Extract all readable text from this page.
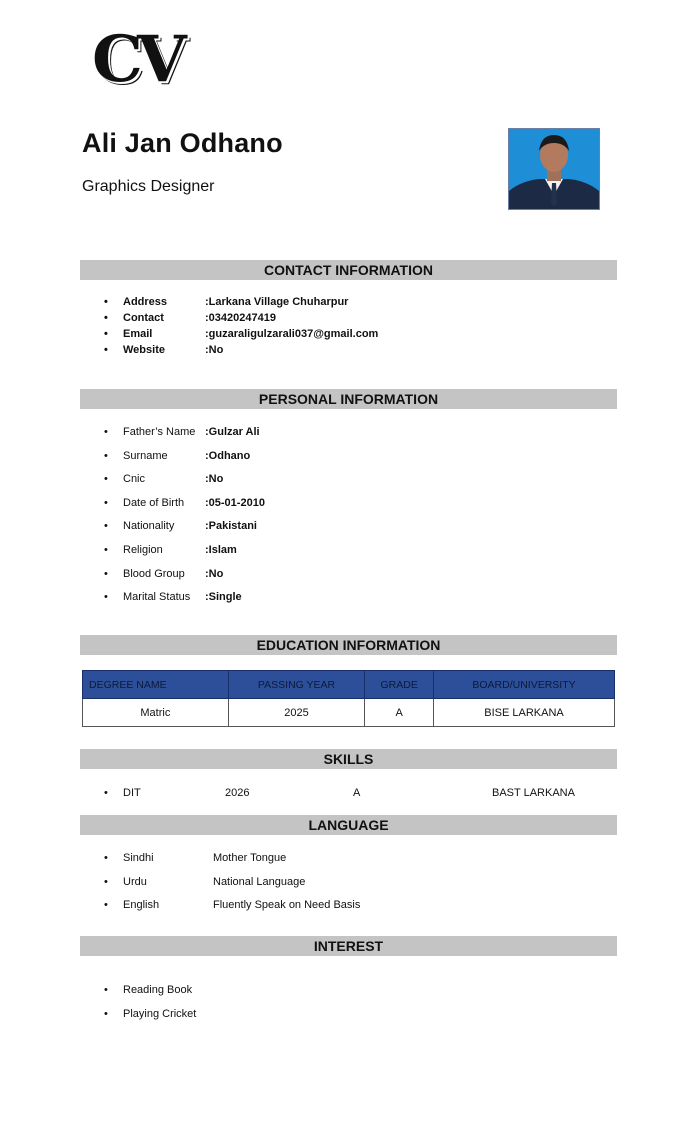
CV
Ali Jan Odhano
Graphics Designer
CONTACT INFORMATION
• Address	:Larkana Village Chuharpur
• Contact	:03420247419
• Email	:guzaraligulzarali037@gmail.com
• Website	:No
PERSONAL INFORMATION
• Father’s Name :Gulzar Ali
• Surname	:Odhano
• Cnic	:No
• Date of Birth :05-01-2010
• Nationality	:Pakistani
• Religion	:Islam
• Blood Group :No
• Marital Status :Single
EDUCATION INFORMATION
DEGREE NAME	PASSING YEAR	GRADE	BOARD/UNIVERSITY
Matric	2025	A	BISE LARKANA
SKILLS
• DIT	2026	A	BAST LARKANA
LANGUAGE
• Sindhi	Mother Tongue
• Urdu	National Language
• English	Fluently Speak on Need Basis
INTEREST
• Reading Book
• Playing Cricket
